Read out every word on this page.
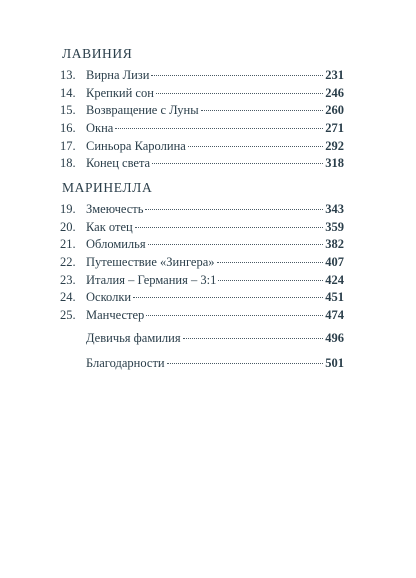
ЛАВИНИЯ
13. Вирна Лизи	231
14. Крепкий сон	246
15. Возвращение с Луны	260
16. Окна	271
17. Синьора Каролина	292
18. Конец света	318
МАРИНЕЛЛА
19. Змеючесть	343
20. Как отец	359
21. Обломилья	382
22. Путешествие «Зингера»	407
23. Италия – Германия – 3:1	424
24. Осколки	451
25. Манчестер	474
Девичья фамилия	496
Благодарности	501
